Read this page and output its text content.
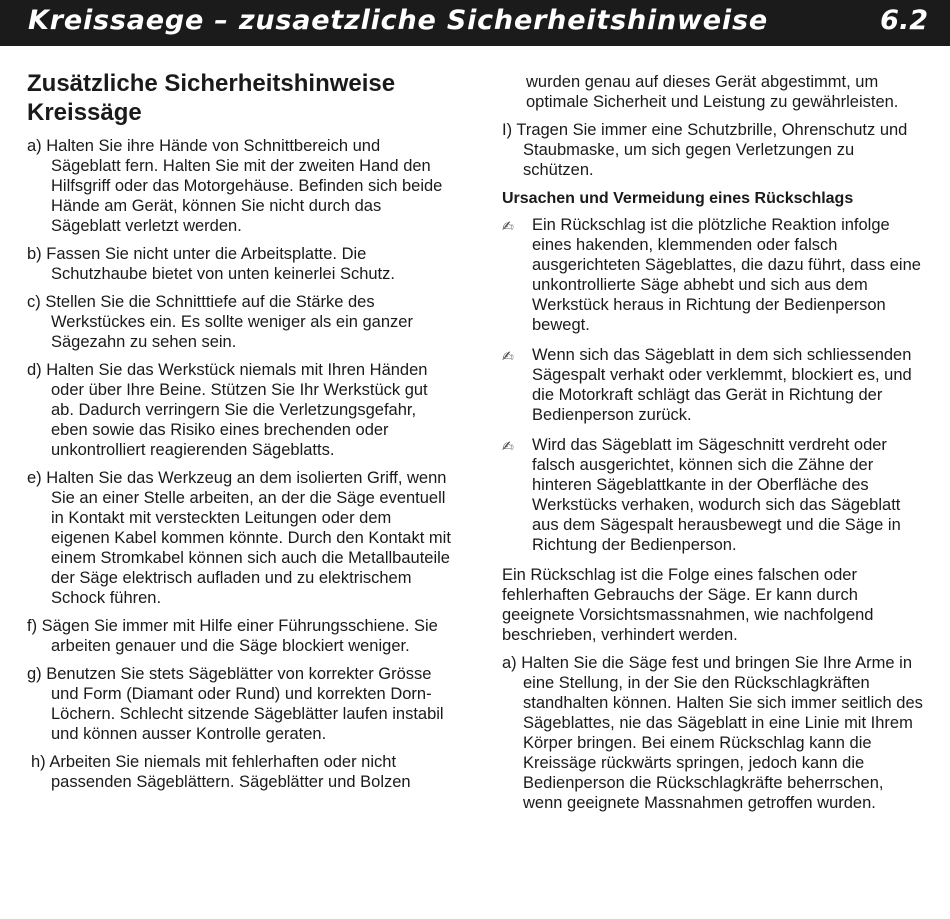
Kreissaege – zusaetzliche Sicherheitshinweise	6.2
Zusätzliche Sicherheitshinweise Kreissäge
a) Halten Sie ihre Hände von Schnittbereich und Sägeblatt fern. Halten Sie mit der zweiten Hand den Hilfsgriff oder das Motorgehäuse. Befinden sich beide Hände am Gerät, können Sie nicht durch das Sägeblatt verletzt werden.
b) Fassen Sie nicht unter die Arbeitsplatte. Die Schutzhaube bietet von unten keinerlei Schutz.
c) Stellen Sie die Schnitttiefe auf die Stärke des Werkstückes ein. Es sollte weniger als ein ganzer Sägezahn zu sehen sein.
d) Halten Sie das Werkstück niemals mit Ihren Händen oder über Ihre Beine. Stützen Sie Ihr Werkstück gut ab. Dadurch verringern Sie die Verletzungsgefahr, eben sowie das Risiko eines brechenden oder unkontrolliert reagierenden Sägeblatts.
e) Halten Sie das Werkzeug an dem isolierten Griff, wenn Sie an einer Stelle arbeiten, an der die Säge eventuell in Kontakt mit versteckten Leitungen oder dem eigenen Kabel kommen könnte. Durch den Kontakt mit einem Stromkabel können sich auch die Metallbauteile der Säge elektrisch aufladen und zu elektrischem Schock führen.
f) Sägen Sie immer mit Hilfe einer Führungsschiene. Sie arbeiten genauer und die Säge blockiert weniger.
g) Benutzen Sie stets Sägeblätter von korrekter Grösse und Form (Diamant oder Rund) und korrekten Dorn-Löchern. Schlecht sitzende Sägeblätter laufen instabil und können ausser Kontrolle geraten.
h) Arbeiten Sie niemals mit fehlerhaften oder nicht passenden Sägeblättern. Sägeblätter und Bolzen
wurden genau auf dieses Gerät abgestimmt, um optimale Sicherheit und Leistung zu gewährleisten.
I) Tragen Sie immer eine Schutzbrille, Ohrenschutz und Staubmaske, um sich gegen Verletzungen zu schützen.
Ursachen und Vermeidung eines Rückschlags
✍ Ein Rückschlag ist die plötzliche Reaktion infolge eines hakenden, klemmenden oder falsch ausgerichteten Sägeblattes, die dazu führt, dass eine unkontrollierte Säge abhebt und sich aus dem Werkstück heraus in Richtung der Bedienperson bewegt.
✍ Wenn sich das Sägeblatt in dem sich schliessenden Sägespalt verhakt oder verklemmt, blockiert es, und die Motorkraft schlägt das Gerät in Richtung der Bedienperson zurück.
✍ Wird das Sägeblatt im Sägeschnitt verdreht oder falsch ausgerichtet, können sich die Zähne der hinteren Sägeblattkante in der Oberfläche des Werkstücks verhaken, wodurch sich das Sägeblatt aus dem Sägespalt herausbewegt und die Säge in Richtung der Bedienperson.
Ein Rückschlag ist die Folge eines falschen oder fehlerhaften Gebrauchs der Säge. Er kann durch geeignete Vorsichtsmassnahmen, wie nachfolgend beschrieben, verhindert werden.
a) Halten Sie die Säge fest und bringen Sie Ihre Arme in eine Stellung, in der Sie den Rückschlagkräften standhalten können. Halten Sie sich immer seitlich des Sägeblattes, nie das Sägeblatt in eine Linie mit Ihrem Körper bringen. Bei einem Rückschlag kann die Kreissäge rückwärts springen, jedoch kann die Bedienperson die Rückschlagkräfte beherrschen, wenn geeignete Massnahmen getroffen wurden.
